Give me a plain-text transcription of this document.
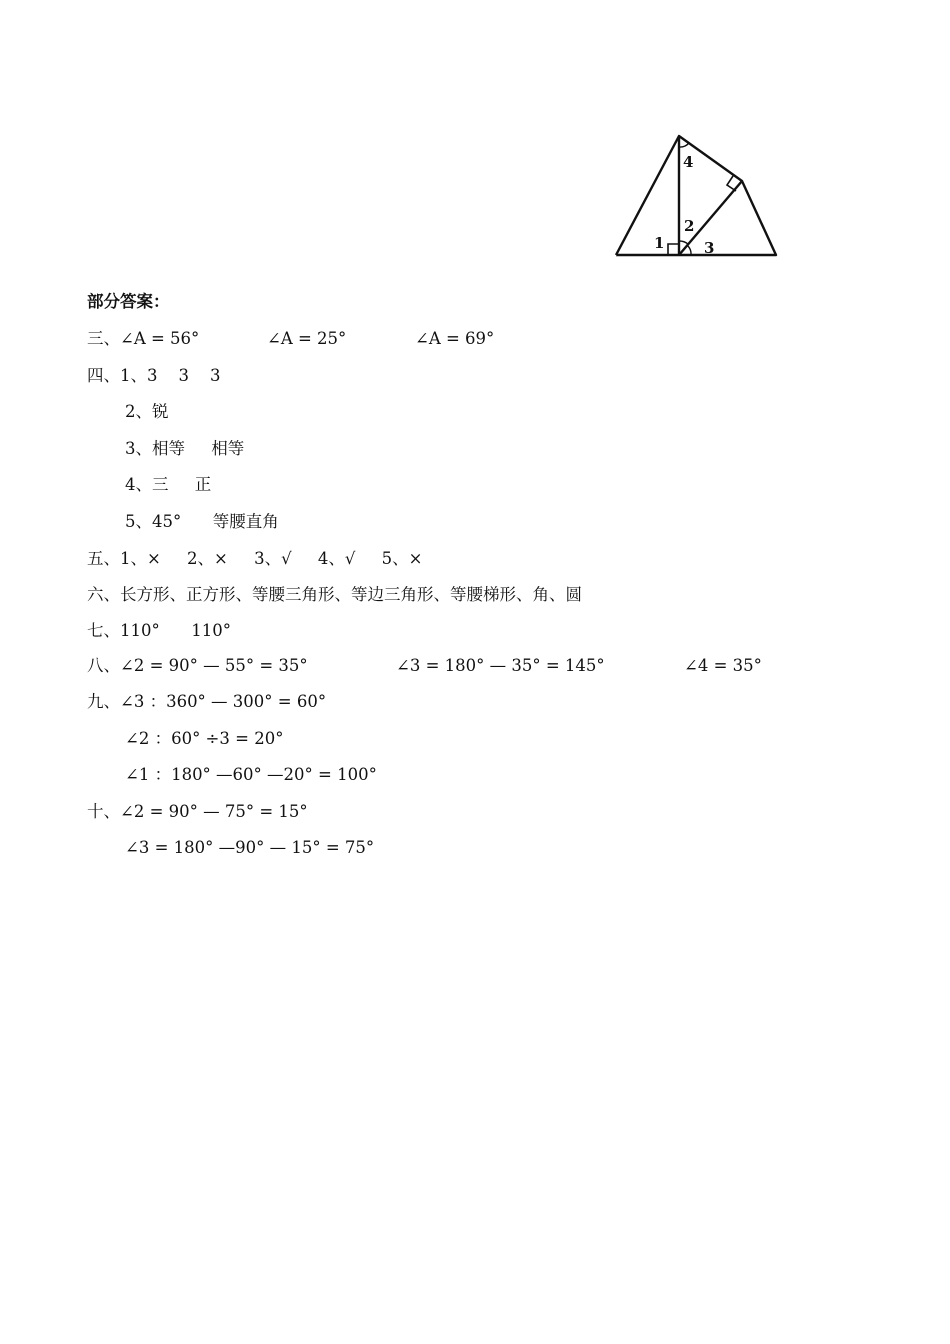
4
2
1	3
部分答案：

三、∠A = 56°

	∠A = 25°

	∠A = 69°

四、1、3    3    3
2、锐
3、相等     相等
4、三     正
5、45°      等腰直角
五、1、×     2、×     3、√     4、√     5、×
六、长方形、正方形、等腰三角形、等边三角形、等腰梯形、角、圆
七、110°      110°

八、∠2 = 90° — 55° = 35°

	∠3 = 180° — 35° = 145°

	∠4 = 35°

九、∠3 ：360° — 300° = 60°
∠2 ：60° ÷3 = 20°
∠1 ：180° —60° —20° = 100°
十、∠2 = 90° — 75° = 15°
∠3 = 180° —90° — 15° = 75°
